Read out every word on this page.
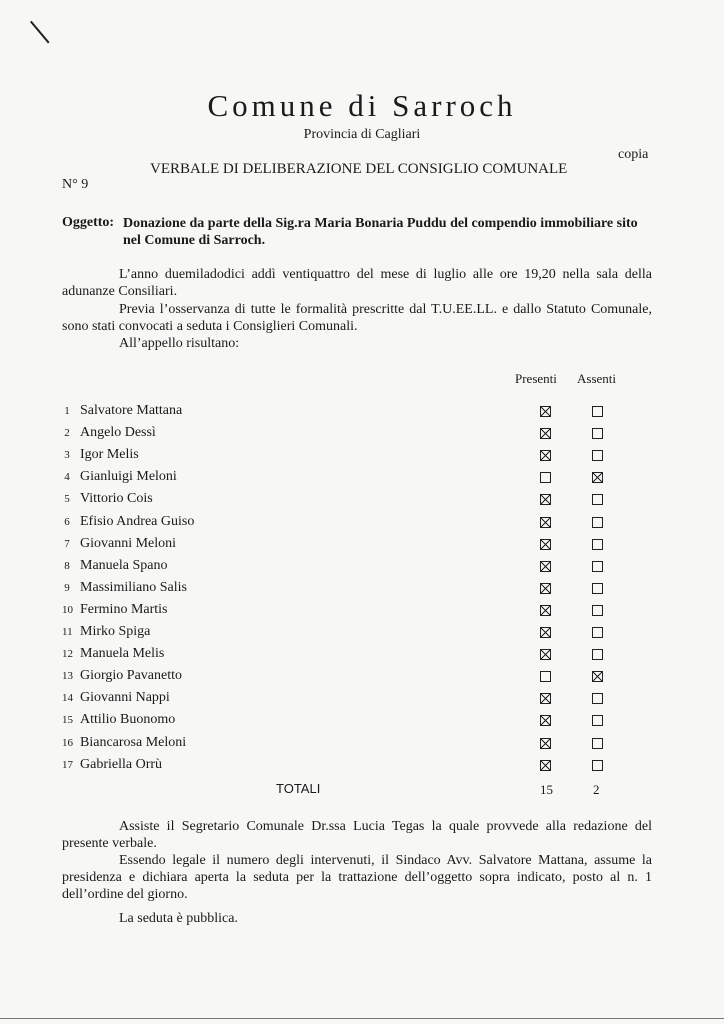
Comune di Sarroch
Provincia di Cagliari
copia
VERBALE DI DELIBERAZIONE DEL CONSIGLIO COMUNALE
N° 9
Oggetto: Donazione da parte della Sig.ra Maria Bonaria Puddu del compendio immobiliare sito nel Comune di Sarroch.
L’anno duemiladodici addì ventiquattro del mese di luglio alle ore 19,20 nella sala della adunanze Consiliari.
Previa l’osservanza di tutte le formalità prescritte dal T.U.EE.LL. e dallo Statuto Comunale, sono stati convocati a seduta i Consiglieri Comunali.
All’appello risultano:
Presenti Assenti
1 Salvatore Mattana
2 Angelo Dessì
3 Igor Melis
4 Gianluigi Meloni
5 Vittorio Cois
6 Efisio Andrea Guiso
7 Giovanni Meloni
8 Manuela Spano
9 Massimiliano Salis
10 Fermino Martis
11 Mirko Spiga
12 Manuela Melis
13 Giorgio Pavanetto
14 Giovanni Nappi
15 Attilio Buonomo
16 Biancarosa Meloni
17 Gabriella Orrù
TOTALI	15	2
Assiste il Segretario Comunale Dr.ssa Lucia Tegas la quale provvede alla redazione del presente verbale.
Essendo legale il numero degli intervenuti, il Sindaco Avv. Salvatore Mattana, assume la presidenza e dichiara aperta la seduta per la trattazione dell’oggetto sopra indicato, posto al n. 1 dell’ordine del giorno.
La seduta è pubblica.
